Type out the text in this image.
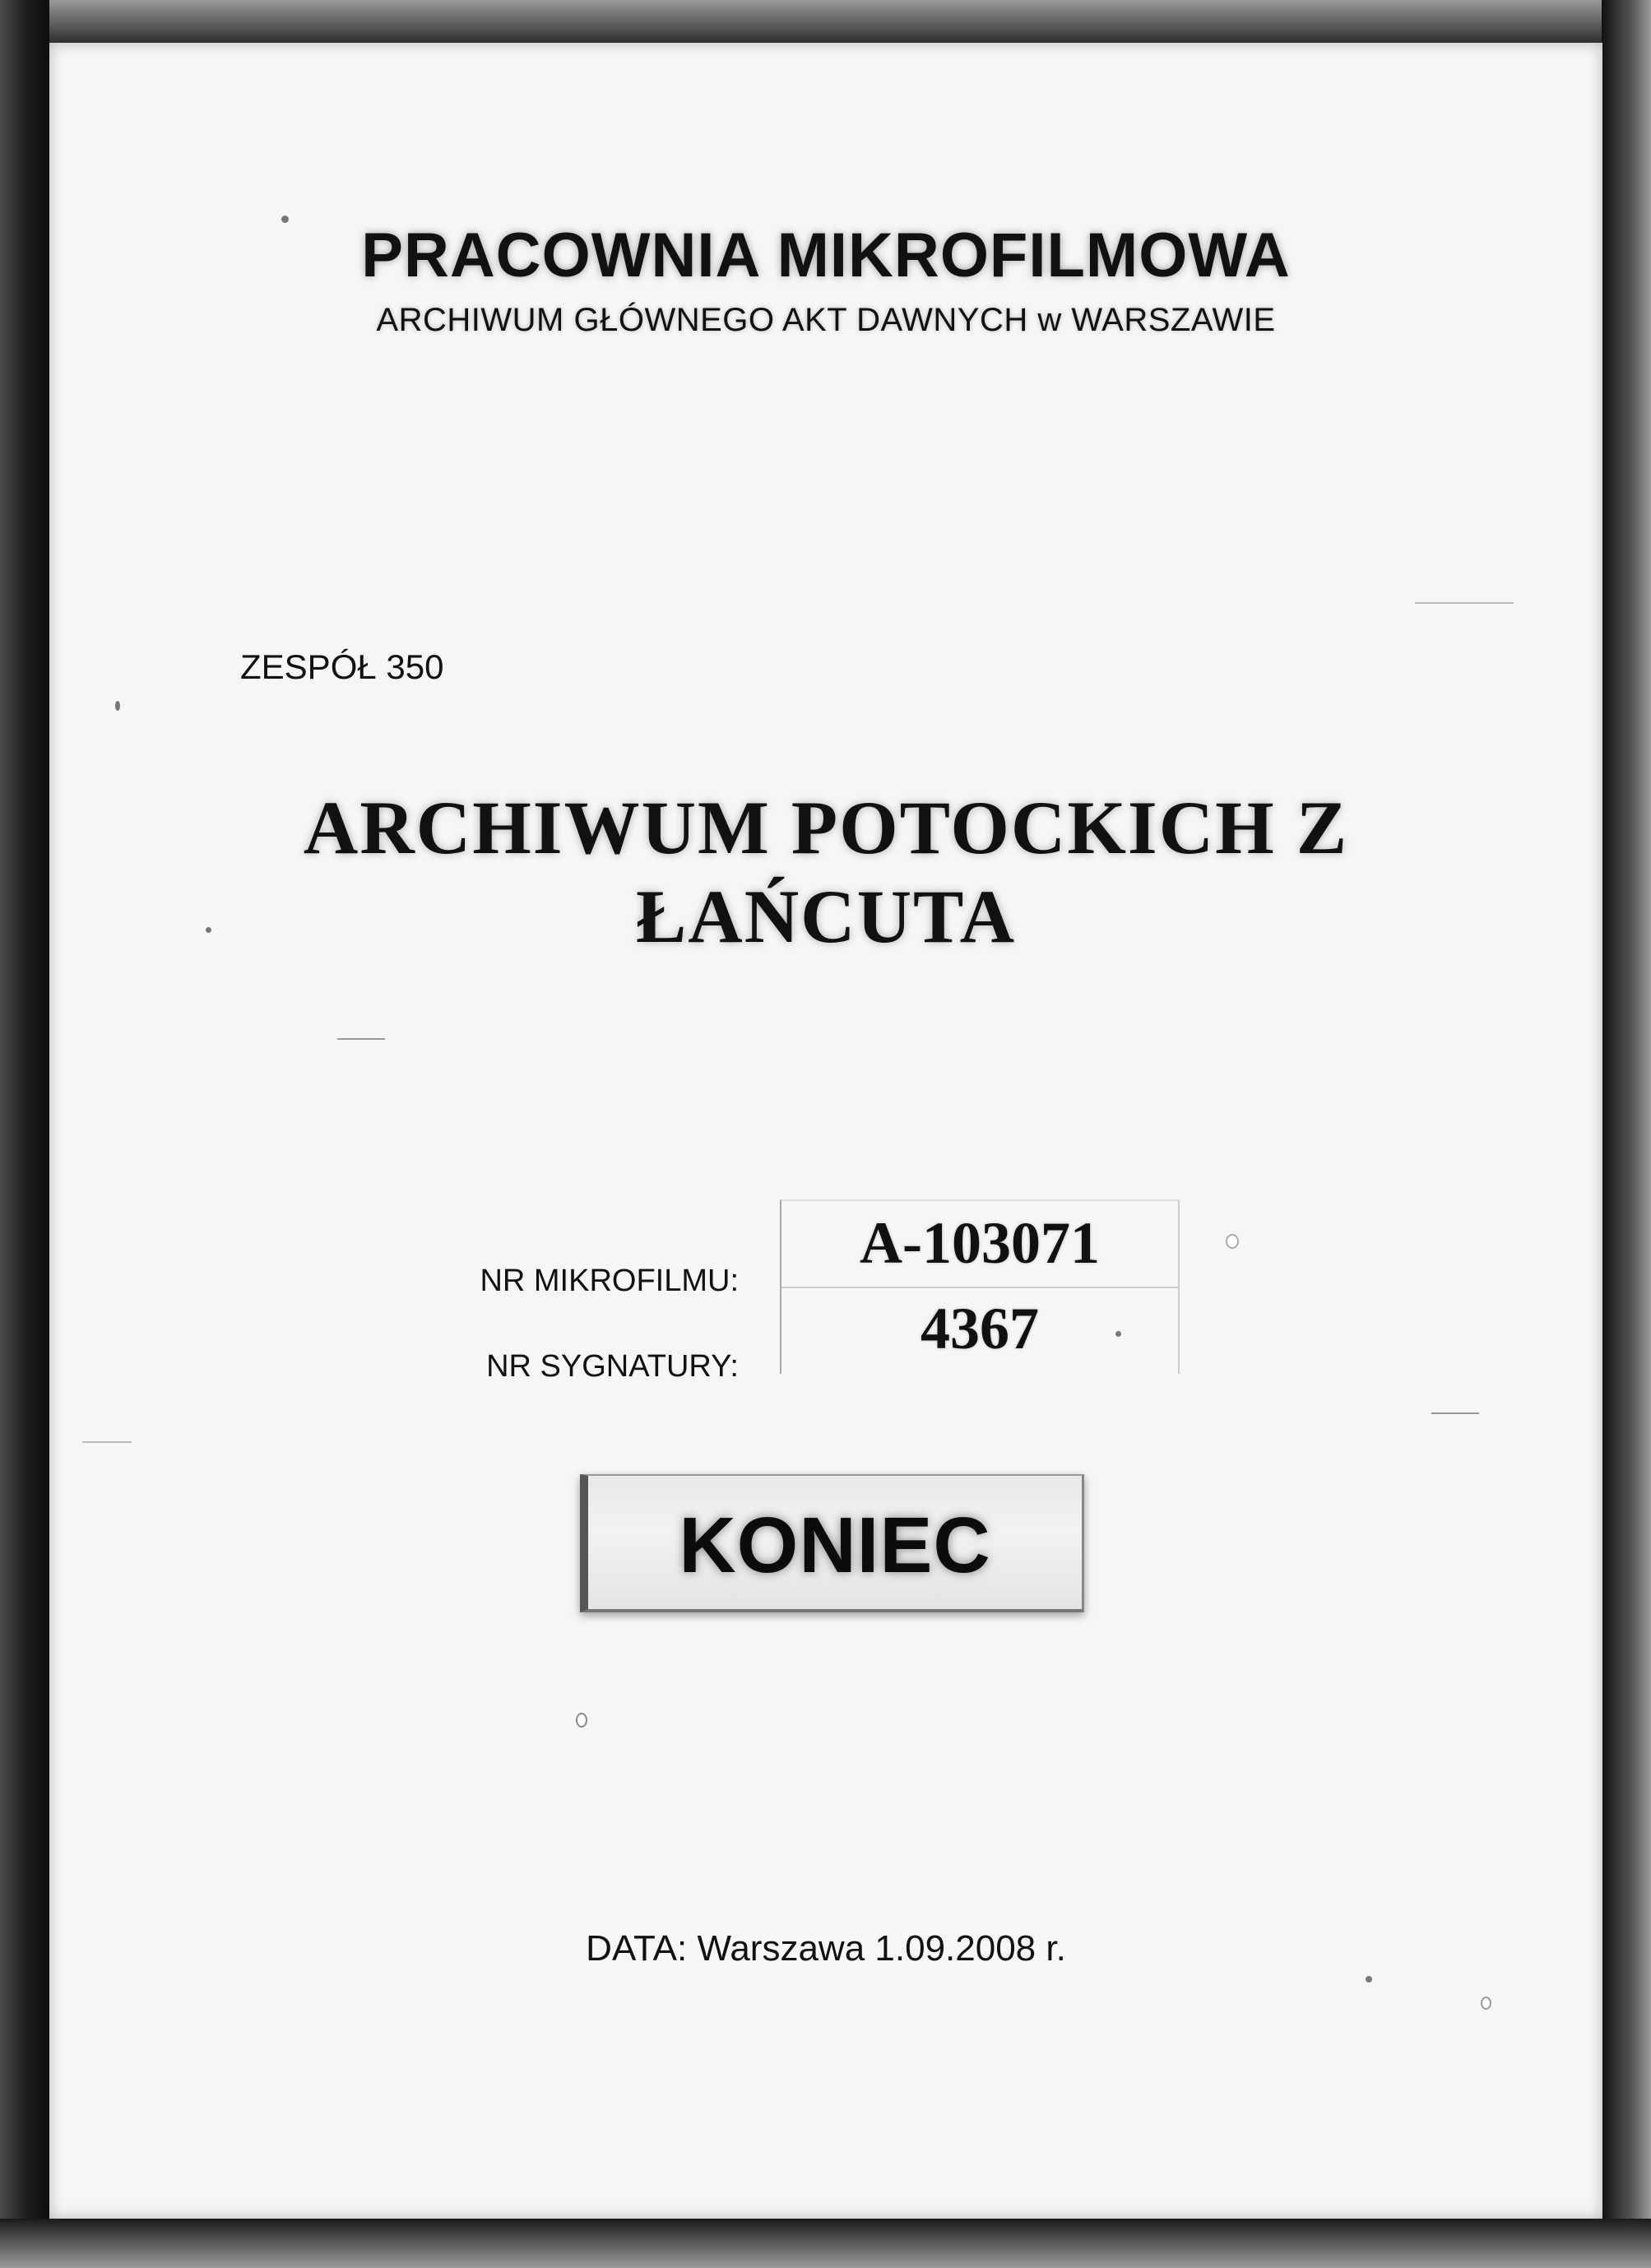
PRACOWNIA MIKROFILMOWA
ARCHIWUM GŁÓWNEGO AKT DAWNYCH w WARSZAWIE
ZESPÓŁ 350
ARCHIWUM POTOCKICH Z
ŁAŃCUTA
NR MIKROFILMU:
NR SYGNATURY:
A-103071
4367
KONIEC
DATA: Warszawa 1.09.2008 r.
